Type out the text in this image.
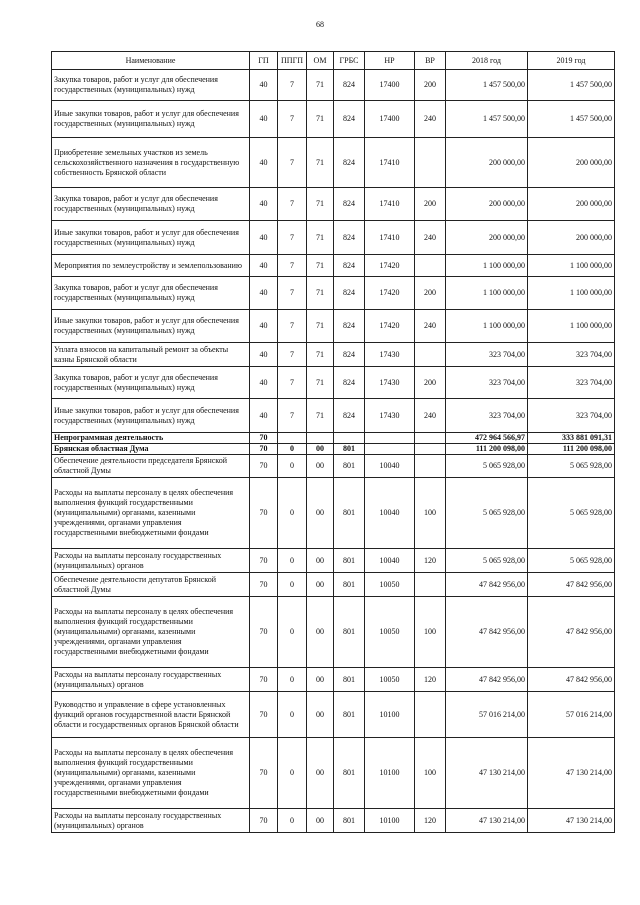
68
Наименование	ГП	ППГП	ОМ	ГРБС	НР	ВР	2018 год	2019 год
Закупка товаров, работ и услуг для обеспечения государственных (муниципальных) нужд	40	7	71	824	17400	200	1 457 500,00	1 457 500,00
Иные закупки товаров, работ и услуг для обеспечения государственных (муниципальных) нужд	40	7	71	824	17400	240	1 457 500,00	1 457 500,00
Приобретение земельных участков из земель сельскохозяйственного назначения в государственную собственность Брянской области	40	7	71	824	17410		200 000,00	200 000,00
Закупка товаров, работ и услуг для обеспечения государственных (муниципальных) нужд	40	7	71	824	17410	200	200 000,00	200 000,00
Иные закупки товаров, работ и услуг для обеспечения государственных (муниципальных) нужд	40	7	71	824	17410	240	200 000,00	200 000,00
Мероприятия по землеустройству и землепользованию	40	7	71	824	17420		1 100 000,00	1 100 000,00
Закупка товаров, работ и услуг для обеспечения государственных (муниципальных) нужд	40	7	71	824	17420	200	1 100 000,00	1 100 000,00
Иные закупки товаров, работ и услуг для обеспечения государственных (муниципальных) нужд	40	7	71	824	17420	240	1 100 000,00	1 100 000,00
Уплата взносов на капитальный ремонт за объекты казны Брянской области	40	7	71	824	17430		323 704,00	323 704,00
Закупка товаров, работ и услуг для обеспечения государственных (муниципальных) нужд	40	7	71	824	17430	200	323 704,00	323 704,00
Иные закупки товаров, работ и услуг для обеспечения государственных (муниципальных) нужд	40	7	71	824	17430	240	323 704,00	323 704,00
Непрограммная деятельность	70						472 964 566,97	333 881 091,31
Брянская областная Дума	70	0	00	801			111 200 098,00	111 200 098,00
Обеспечение деятельности председателя Брянской областной Думы	70	0	00	801	10040		5 065 928,00	5 065 928,00
Расходы на выплаты персоналу в целях обеспечения выполнения функций государственными (муниципальными) органами, казенными учреждениями, органами управления государственными внебюджетными фондами	70	0	00	801	10040	100	5 065 928,00	5 065 928,00
Расходы на выплаты персоналу государственных (муниципальных) органов	70	0	00	801	10040	120	5 065 928,00	5 065 928,00
Обеспечение деятельности депутатов Брянской областной Думы	70	0	00	801	10050		47 842 956,00	47 842 956,00
Расходы на выплаты персоналу в целях обеспечения выполнения функций государственными (муниципальными) органами, казенными учреждениями, органами управления государственными внебюджетными фондами	70	0	00	801	10050	100	47 842 956,00	47 842 956,00
Расходы на выплаты персоналу государственных (муниципальных) органов	70	0	00	801	10050	120	47 842 956,00	47 842 956,00
Руководство и управление в сфере установленных функций органов государственной власти Брянской области и государственных органов Брянской области	70	0	00	801	10100		57 016 214,00	57 016 214,00
Расходы на выплаты персоналу в целях обеспечения выполнения функций государственными (муниципальными) органами, казенными учреждениями, органами управления государственными внебюджетными фондами	70	0	00	801	10100	100	47 130 214,00	47 130 214,00
Расходы на выплаты персоналу государственных (муниципальных) органов	70	0	00	801	10100	120	47 130 214,00	47 130 214,00
